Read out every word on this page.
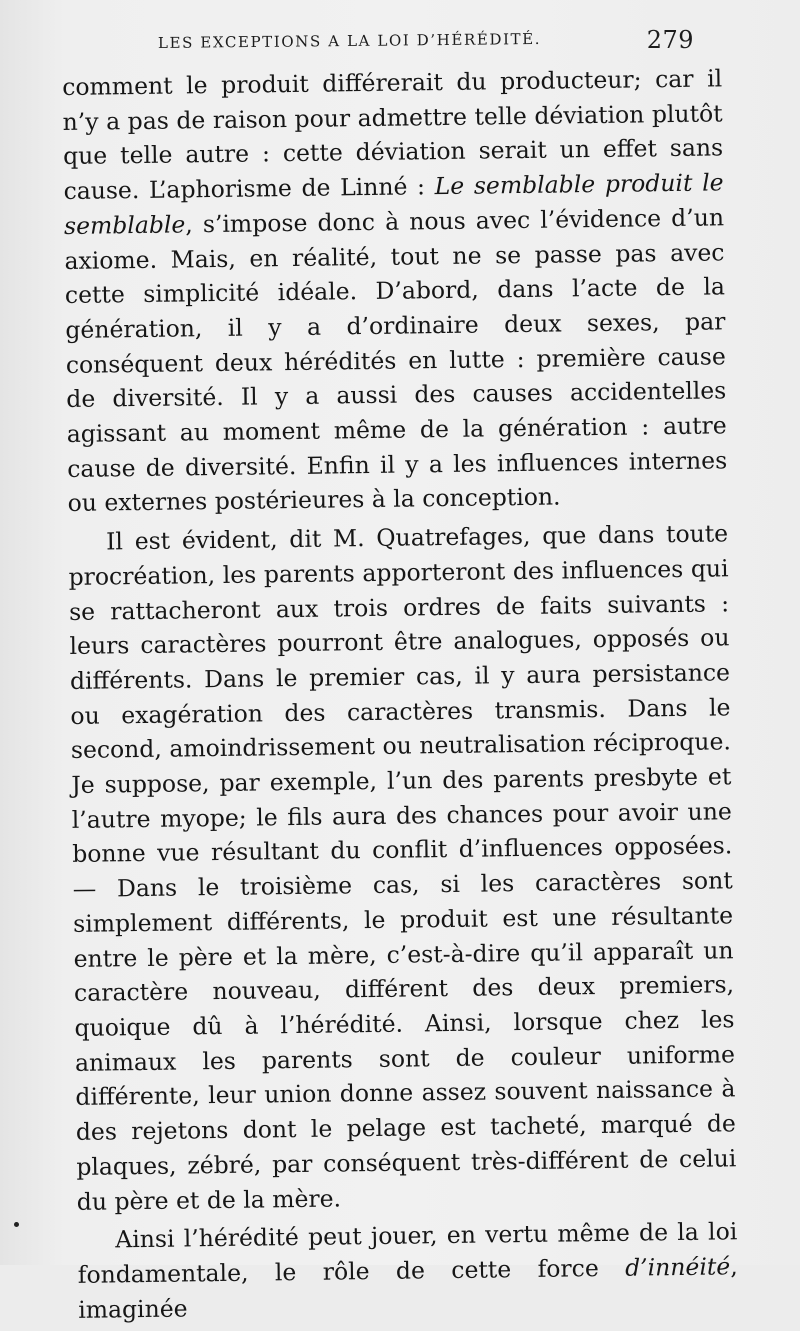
LES EXCEPTIONS A LA LOI D’HÉRÉDITÉ.	279

comment le produit différerait du producteur; car il n’y a pas de raison pour admettre telle déviation plutôt que telle autre : cette déviation serait un effet sans cause. L’aphorisme de Linné : Le semblable produit le semblable, s’impose donc à nous avec l’évidence d’un axiome. Mais, en réalité, tout ne se passe pas avec cette simplicité idéale. D’abord, dans l’acte de la génération, il y a d’ordinaire deux sexes, par conséquent deux hérédités en lutte : première cause de diversité. Il y a aussi des causes accidentelles agissant au moment même de la génération : autre cause de diversité. Enfin il y a les influences internes ou externes postérieures à la conception.

Il est évident, dit M. Quatrefages, que dans toute procréation, les parents apporteront des influences qui se rattacheront aux trois ordres de faits suivants : leurs caractères pourront être analogues, opposés ou différents. Dans le premier cas, il y aura persistance ou exagération des caractères transmis. Dans le second, amoindrissement ou neutralisation réciproque. Je suppose, par exemple, l’un des parents presbyte et l’autre myope; le fils aura des chances pour avoir une bonne vue résultant du conflit d’influences opposées. — Dans le troisième cas, si les caractères sont simplement différents, le produit est une résultante entre le père et la mère, c’est-à-dire qu’il apparaît un caractère nouveau, différent des deux premiers, quoique dû à l’hérédité. Ainsi, lorsque chez les animaux les parents sont de couleur uniforme différente, leur union donne assez souvent naissance à des rejetons dont le pelage est tacheté, marqué de plaques, zébré, par conséquent très-différent de celui du père et de la mère.

Ainsi l’hérédité peut jouer, en vertu même de la loi fondamentale, le rôle de cette force d’innéité, imaginée
